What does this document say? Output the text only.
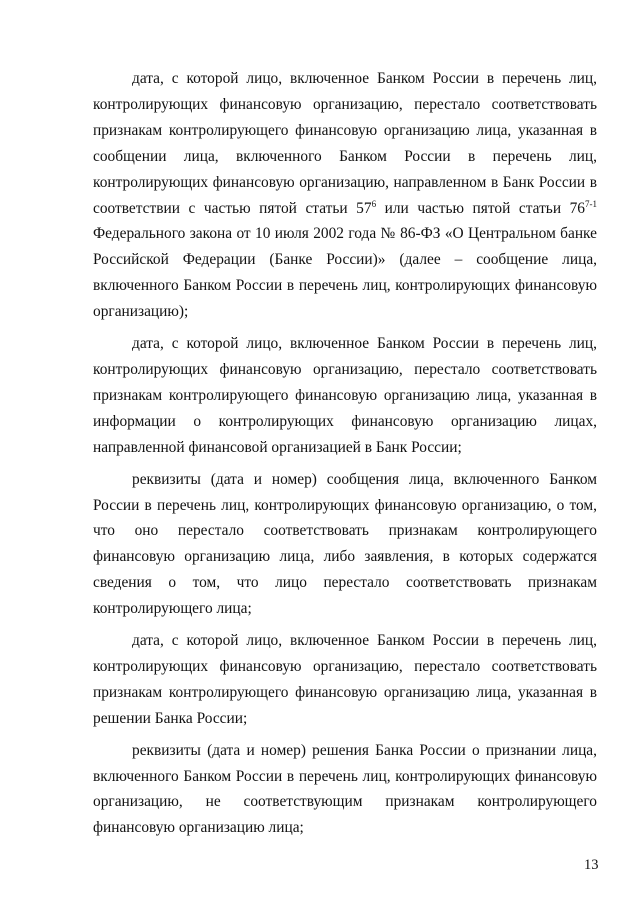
дата, с которой лицо, включенное Банком России в перечень лиц, контролирующих финансовую организацию, перестало соответствовать признакам контролирующего финансовую организацию лица, указанная в сообщении лица, включенного Банком России в перечень лиц, контролирующих финансовую организацию, направленном в Банк России в соответствии с частью пятой статьи $57^6$ или частью пятой статьи 76$^{7-1}$ Федерального закона от 10 июля 2002 года № 86-ФЗ «О Центральном банке Российской Федерации (Банке России)» (далее – сообщение лица, включенного Банком России в перечень лиц, контролирующих финансовую организацию);

дата, с которой лицо, включенное Банком России в перечень лиц, контролирующих финансовую организацию, перестало соответствовать признакам контролирующего финансовую организацию лица, указанная в информации о контролирующих финансовую организацию лицах, направленной финансовой организацией в Банк России;

реквизиты (дата и номер) сообщения лица, включенного Банком России в перечень лиц, контролирующих финансовую организацию, о том, что оно перестало соответствовать признакам контролирующего финансовую организацию лица, либо заявления, в которых содержатся сведения о том, что лицо перестало соответствовать признакам контролирующего лица;

дата, с которой лицо, включенное Банком России в перечень лиц, контролирующих финансовую организацию, перестало соответствовать признакам контролирующего финансовую организацию лица, указанная в решении Банка России;

реквизиты (дата и номер) решения Банка России о признании лица, включенного Банком России в перечень лиц, контролирующих финансовую организацию, не соответствующим признакам контролирующего финансовую организацию лица;

13
